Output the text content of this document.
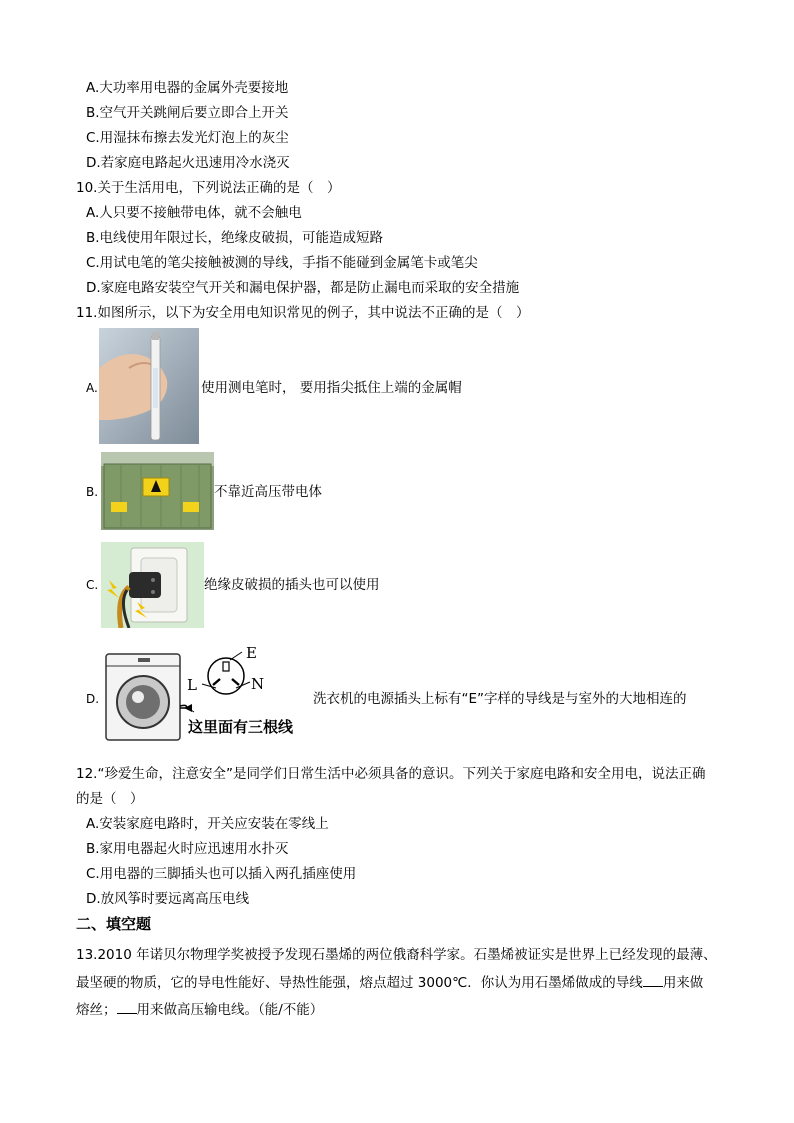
A.大功率用电器的金属外壳要接地
B.空气开关跳闸后要立即合上开关
C.用湿抹布擦去发光灯泡上的灰尘
D.若家庭电路起火迅速用冷水浇灭
10.关于生活用电，下列说法正确的是（　）
A.人只要不接触带电体，就不会触电
B.电线使用年限过长，绝缘皮破损，可能造成短路
C.用试电笔的笔尖接触被测的导线，手指不能碰到金属笔卡或笔尖
D.家庭电路安装空气开关和漏电保护器，都是防止漏电而采取的安全措施
11.如图所示，以下为安全用电知识常见的例子，其中说法不正确的是（　）
A.	使用测电笔时， 要用指尖抵住上端的金属帽
B.	不靠近高压带电体
C.	绝缘皮破损的插头也可以使用
D.
L
E
N
这里面有三根线
洗衣机的电源插头上标有“E”字样的导线是与室外的大地相连的
12.“珍爱生命，注意安全”是同学们日常生活中必须具备的意识。下列关于家庭电路和安全用电，说法正确
的是（　）
A.安装家庭电路时，开关应安装在零线上
B.家用电器起火时应迅速用水扑灭
C.用电器的三脚插头也可以插入两孔插座使用
D.放风筝时要远离高压电线
二、填空题
13.2010 年诺贝尔物理学奖被授予发现石墨烯的两位俄裔科学家。石墨烯被证实是世界上已经发现的最薄、
最坚硬的物质，它的导电性能好、导热性能强，熔点超过 3000℃．你认为用石墨烯做成的导线 用来做
熔丝； 用来做高压输电线。（能/不能）
